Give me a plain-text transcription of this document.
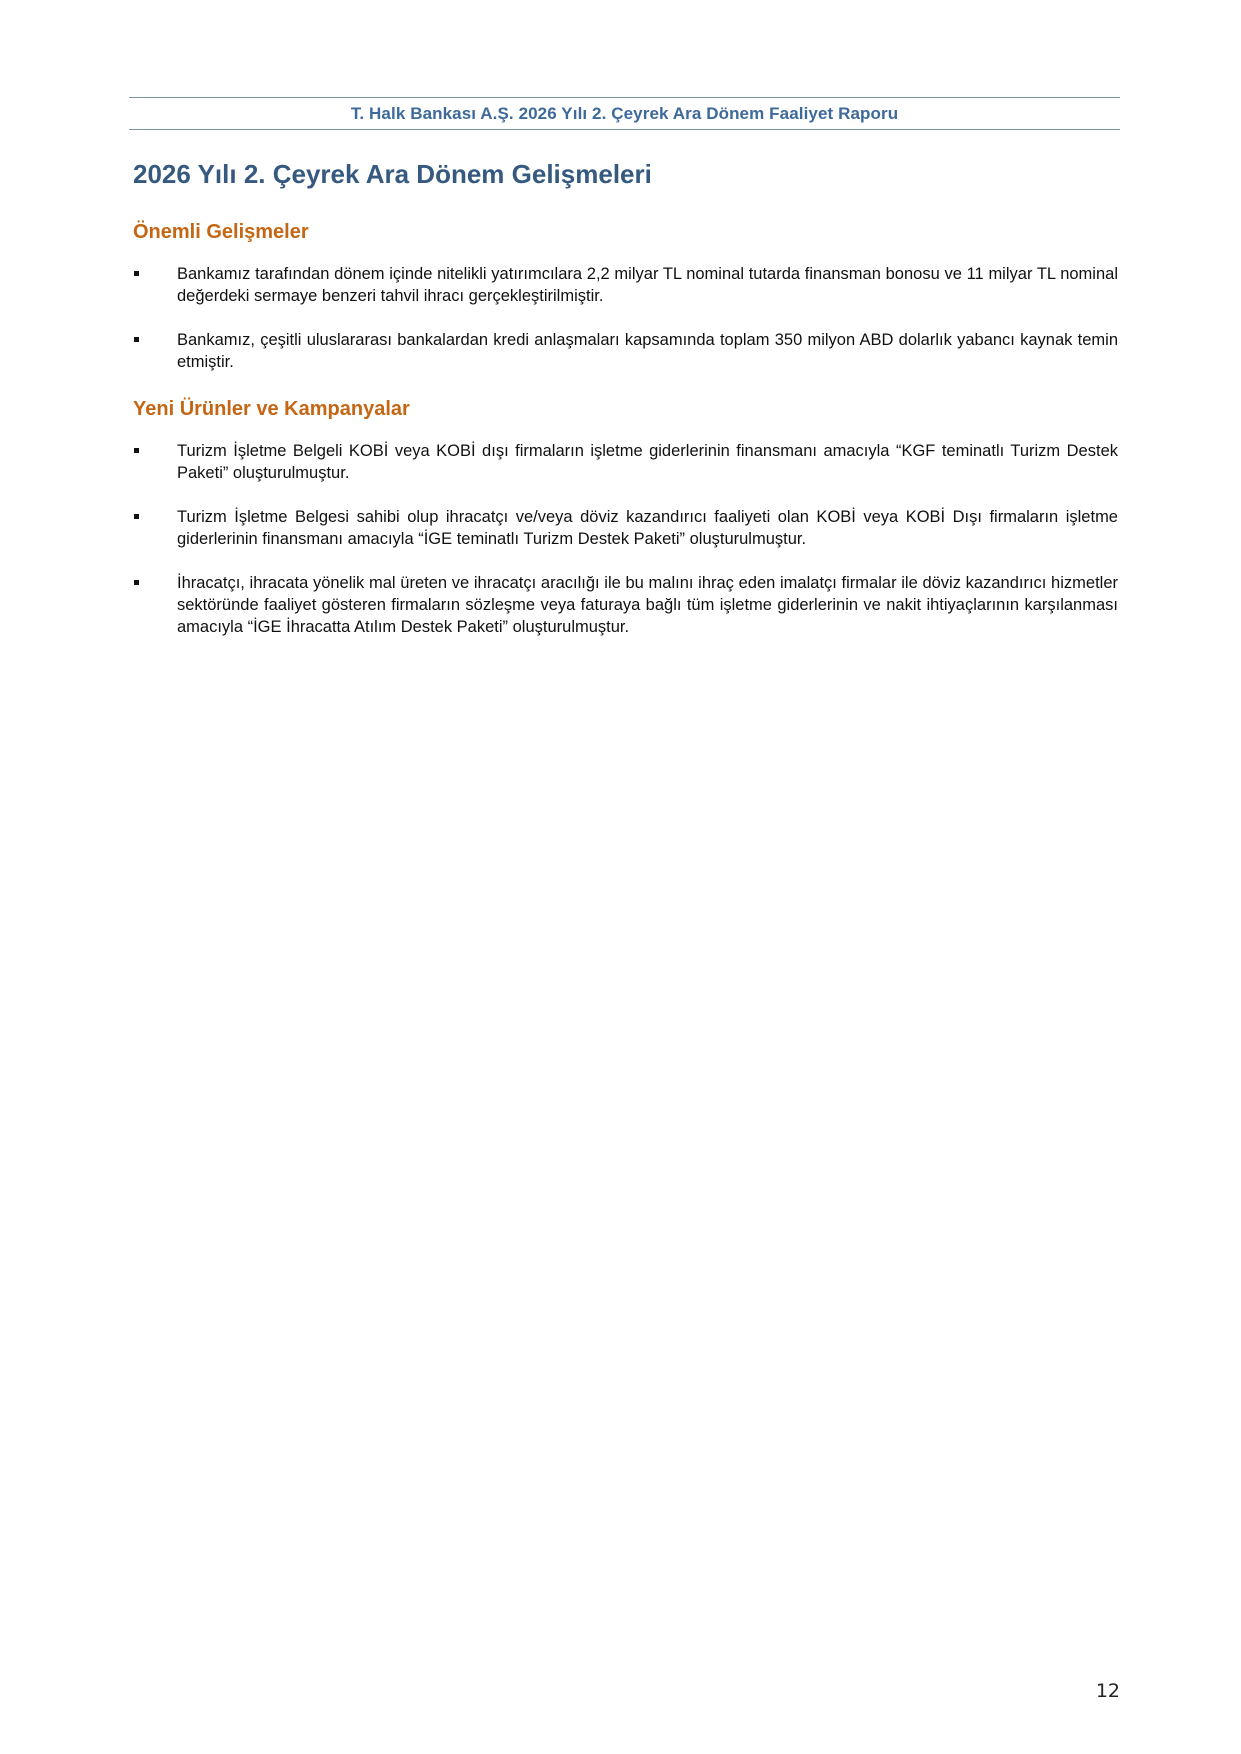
T. Halk Bankası A.Ş. 2026 Yılı 2. Çeyrek Ara Dönem Faaliyet Raporu
2026 Yılı 2. Çeyrek Ara Dönem Gelişmeleri
Önemli Gelişmeler
Bankamız tarafından dönem içinde nitelikli yatırımcılara 2,2 milyar TL nominal tutarda finansman bonosu ve 11 milyar TL nominal değerdeki sermaye benzeri tahvil ihracı gerçekleştirilmiştir.
Bankamız, çeşitli uluslararası bankalardan kredi anlaşmaları kapsamında toplam 350 milyon ABD dolarlık yabancı kaynak temin etmiştir.
Yeni Ürünler ve Kampanyalar
Turizm İşletme Belgeli KOBİ veya KOBİ dışı firmaların işletme giderlerinin finansmanı amacıyla “KGF teminatlı Turizm Destek Paketi” oluşturulmuştur.
Turizm İşletme Belgesi sahibi olup ihracatçı ve/veya döviz kazandırıcı faaliyeti olan KOBİ veya KOBİ Dışı firmaların işletme giderlerinin finansmanı amacıyla “İGE teminatlı Turizm Destek Paketi” oluşturulmuştur.
İhracatçı, ihracata yönelik mal üreten ve ihracatçı aracılığı ile bu malını ihraç eden imalatçı firmalar ile döviz kazandırıcı hizmetler sektöründe faaliyet gösteren firmaların sözleşme veya faturaya bağlı tüm işletme giderlerinin ve nakit ihtiyaçlarının karşılanması amacıyla “İGE İhracatta Atılım Destek Paketi” oluşturulmuştur.
12
